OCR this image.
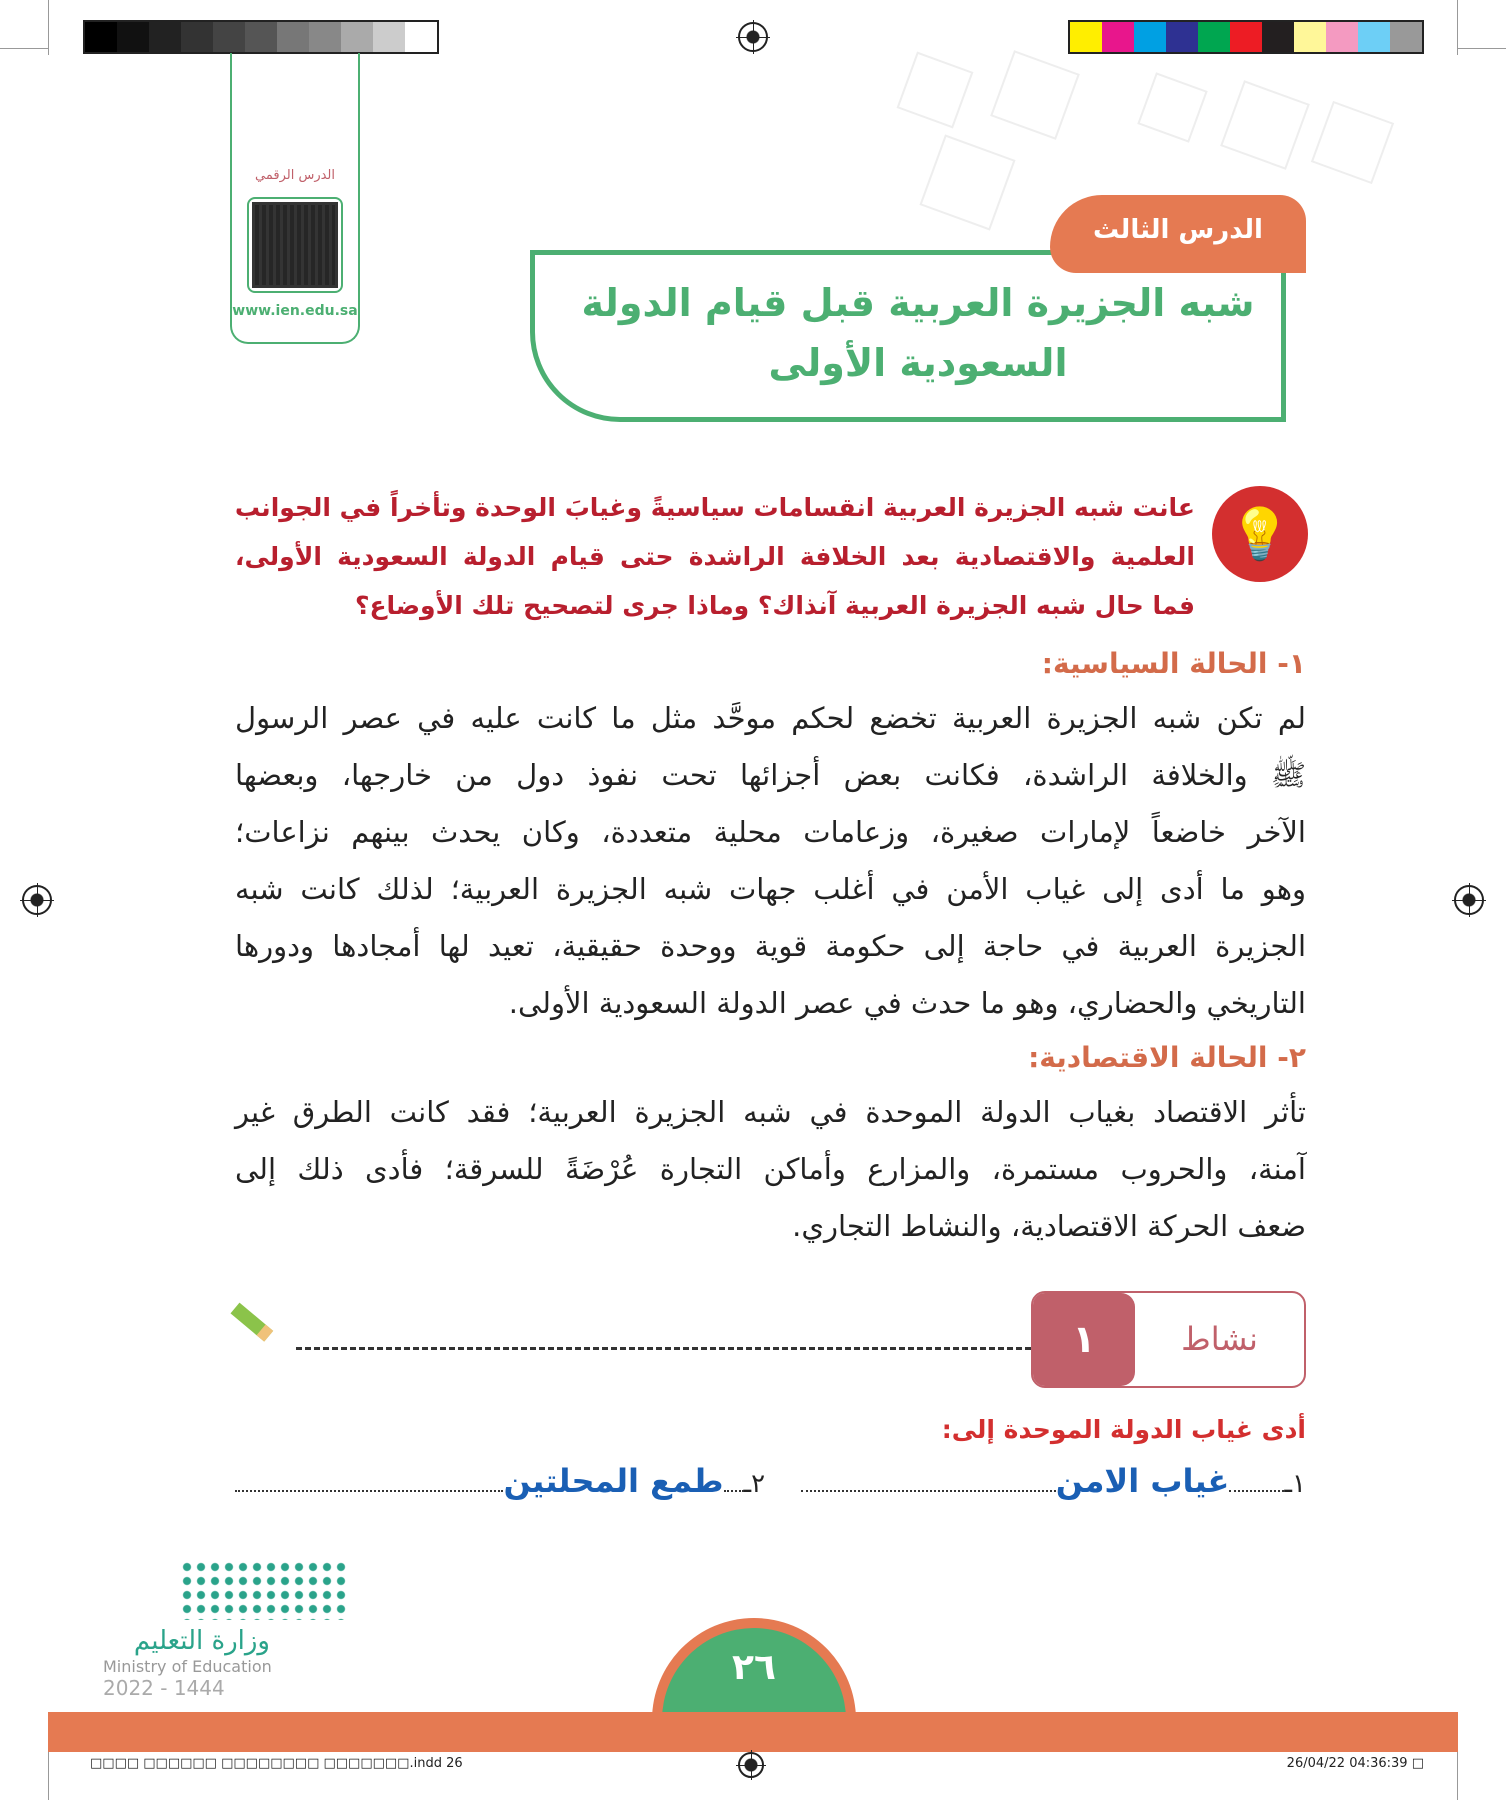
الدرس الرقمي
www.ien.edu.sa	شبه الجزيرة العربية قبل قيام الدولة
السعودية الأولى
الدرس الثالث
💡
عانت شبه الجزيرة العربية انقسامات سياسيةً وغيابَ الوحدة وتأخراً في الجوانب
العلمية والاقتصادية بعد الخلافة الراشدة حتى قيام الدولة السعودية الأولى،
فما حال شبه الجزيرة العربية آنذاك؟ وماذا جرى لتصحيح تلك الأوضاع؟
١- الحالة السياسية:
لم تكن شبه الجزيرة العربية تخضع لحكم موحَّد مثل ما كانت عليه في عصر الرسول
ﷺ والخلافة الراشدة، فكانت بعض أجزائها تحت نفوذ دول من خارجها، وبعضها
الآخر خاضعاً لإمارات صغيرة، وزعامات محلية متعددة، وكان يحدث بينهم نزاعات؛
وهو ما أدى إلى غياب الأمن في أغلب جهات شبه الجزيرة العربية؛ لذلك كانت شبه
الجزيرة العربية في حاجة إلى حكومة قوية ووحدة حقيقية، تعيد لها أمجادها ودورها
التاريخي والحضاري، وهو ما حدث في عصر الدولة السعودية الأولى.
٢- الحالة الاقتصادية:
تأثر الاقتصاد بغياب الدولة الموحدة في شبه الجزيرة العربية؛ فقد كانت الطرق غير
آمنة، والحروب مستمرة، والمزارع وأماكن التجارة عُرْضَةً للسرقة؛ فأدى ذلك إلى
ضعف الحركة الاقتصادية، والنشاط التجاري.
نشاط
١
أدى غياب الدولة الموحدة إلى:
١ـ
غياب الامن
٢ـ
طمع المحلتين
وزارة التعليم
Ministry of Education
2022 - 1444
٢٦
□□□□ □□□□□□ □□□□□□□□ □□□□□□□.indd 26	26/04/22 04:36:39 □
